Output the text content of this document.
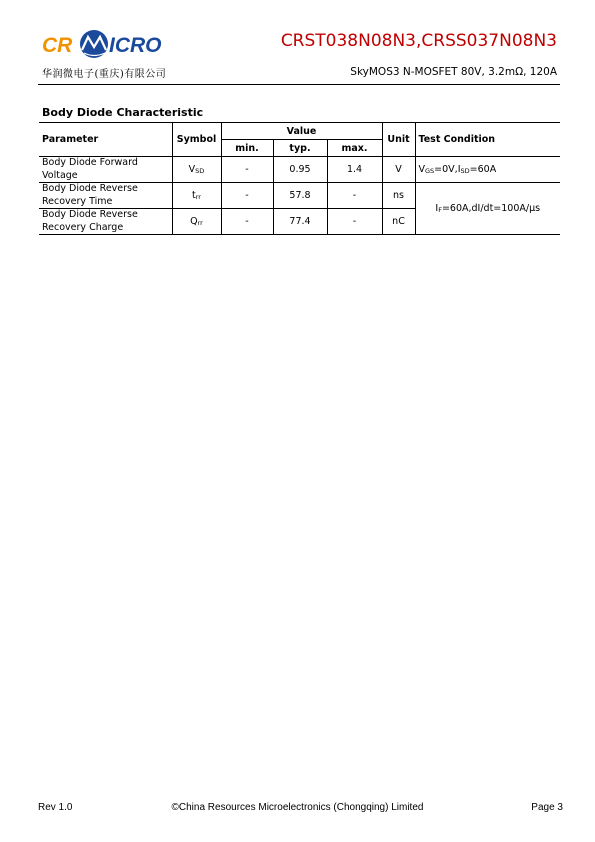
CR ICRO
华润微电子(重庆)有限公司
CRST038N08N3,CRSS037N08N3
SkyMOS3 N-MOSFET 80V, 3.2mΩ, 120A
Body Diode Characteristic
Parameter	Symbol	Value			Unit	Test Condition
		min.	typ.	max.		
Body Diode Forward
Voltage	$V_{SD}$	-	0.95	1.4	V	$V_{GS}=0V,I_{SD}=60A$
Body Diode Reverse
Recovery Time	$t_{rr}$	-	57.8	-	ns	$I_F=60A,dI/dt=100A/\mu s$
Body Diode Reverse
Recovery Charge	$Q_{rr}$	-	77.4	-	nC	
Rev 1.0	©China Resources Microelectronics (Chongqing) Limited	Page 3
